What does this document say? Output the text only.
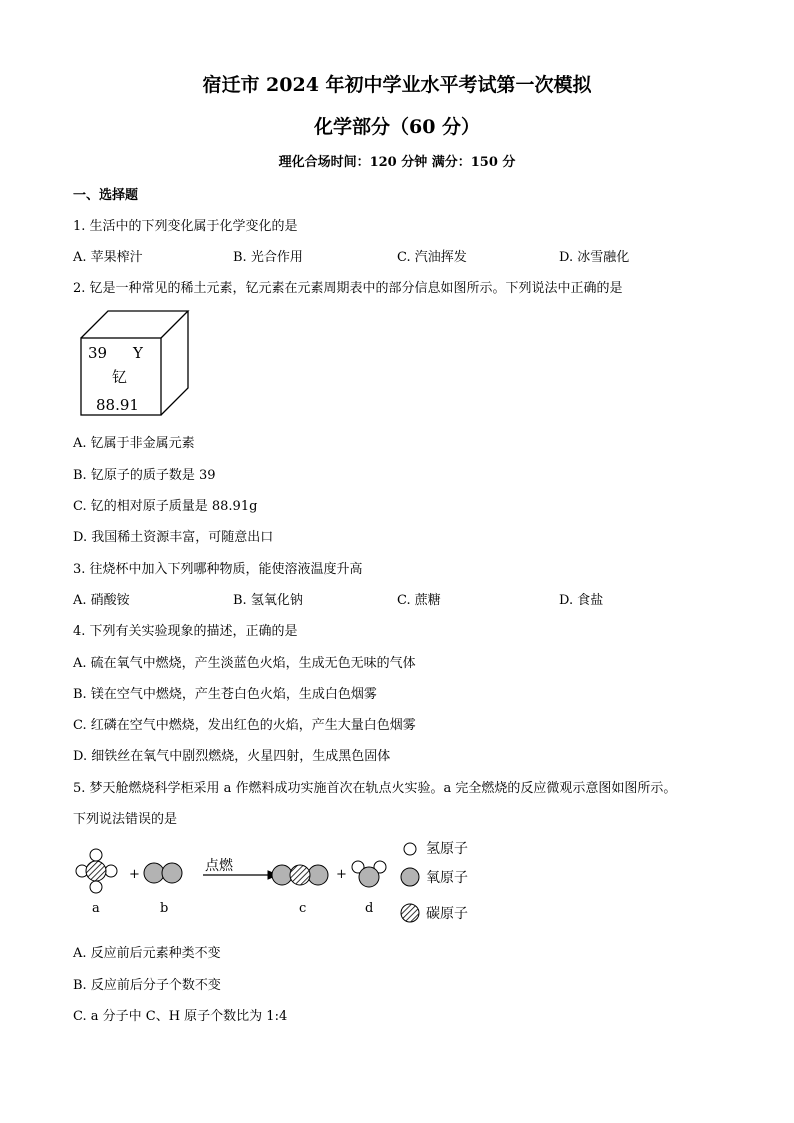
宿迁市 2024 年初中学业水平考试第一次模拟
化学部分（60 分）
理化合场时间：120 分钟 满分：150 分
一、选择题
1. 生活中的下列变化属于化学变化的是
A. 苹果榨汁	B. 光合作用	C. 汽油挥发	D. 冰雪融化
2. 钇是一种常见的稀土元素，钇元素在元素周期表中的部分信息如图所示。下列说法中正确的是
39 Y
钇
88.91
A. 钇属于非金属元素
B. 钇原子的质子数是 39
C. 钇的相对原子质量是 88.91g
D. 我国稀土资源丰富，可随意出口
3. 往烧杯中加入下列哪种物质，能使溶液温度升高
A. 硝酸铵	B. 氢氧化钠	C. 蔗糖	D. 食盐
4. 下列有关实验现象的描述，正确的是
A. 硫在氧气中燃烧，产生淡蓝色火焰，生成无色无味的气体
B. 镁在空气中燃烧，产生苍白色火焰，生成白色烟雾
C. 红磷在空气中燃烧，发出红色的火焰，产生大量白色烟雾
D. 细铁丝在氧气中剧烈燃烧，火星四射，生成黑色固体
5. 梦天舱燃烧科学柜采用 a 作燃料成功实施首次在轨点火实验。a 完全燃烧的反应微观示意图如图所示。
下列说法错误的是
+	+
点燃
a	b	c	d
氢原子
氧原子
碳原子
A. 反应前后元素种类不变
B. 反应前后分子个数不变
C. a 分子中 C、H 原子个数比为 1:4
